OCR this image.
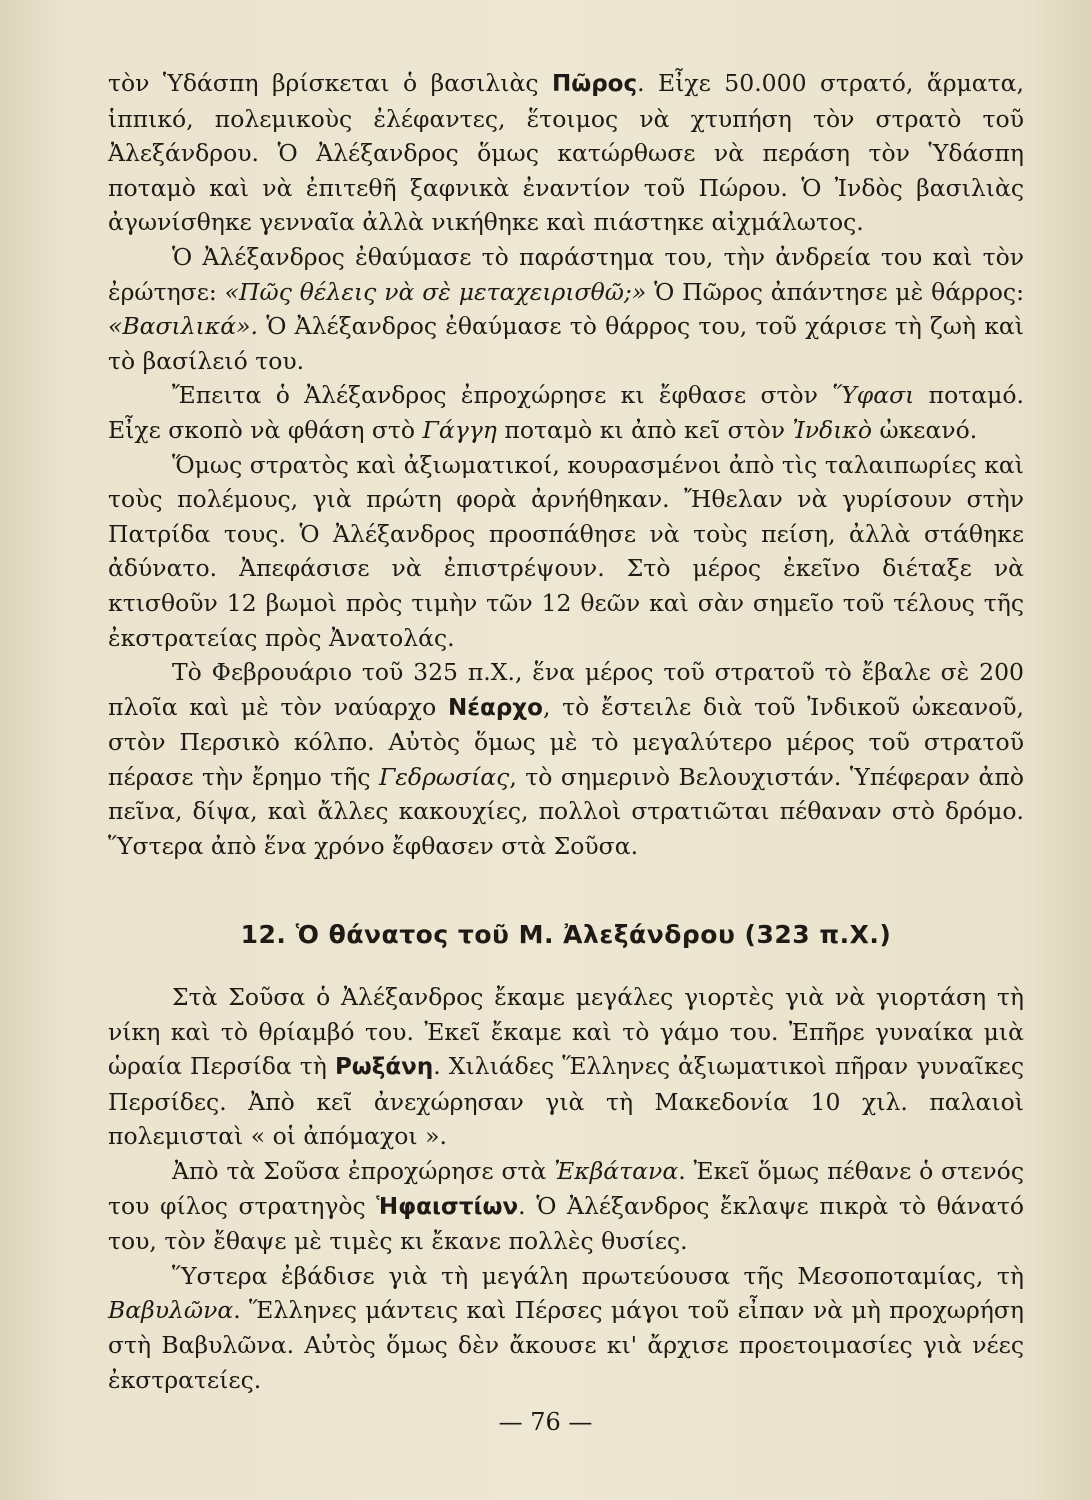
τὸν Ὑδάσπη βρίσκεται ὁ βασιλιὰς Πῶρος. Εἶχε 50.000 στρατό, ἅρματα, ἱππικό, πολεμικοὺς ἐλέφαντες, ἕτοιμος νὰ χτυπήση τὸν στρατὸ τοῦ Ἀλεξάνδρου. Ὁ Ἀλέξανδρος ὅμως κατώρθωσε νὰ περάση τὸν Ὑδάσπη ποταμὸ καὶ νὰ ἐπιτεθῆ ξαφνικὰ ἐναντίον τοῦ Πώρου. Ὁ Ἰνδὸς βασιλιὰς ἀγωνίσθηκε γενναῖα ἀλλὰ νικήθηκε καὶ πιάστηκε αἰχμάλωτος.

Ὁ Ἀλέξανδρος ἐθαύμασε τὸ παράστημα του, τὴν ἀνδρεία του καὶ τὸν ἐρώτησε: «Πῶς θέλεις νὰ σὲ μεταχειρισθῶ;» Ὁ Πῶρος ἀπάντησε μὲ θάρρος: «Βασιλικά». Ὁ Ἀλέξανδρος ἐθαύμασε τὸ θάρρος του, τοῦ χάρισε τὴ ζωὴ καὶ τὸ βασίλειό του.

Ἔπειτα ὁ Ἀλέξανδρος ἐπροχώρησε κι ἔφθασε στὸν Ὕφασι ποταμό. Εἶχε σκοπὸ νὰ φθάση στὸ Γάγγη ποταμὸ κι ἀπὸ κεῖ στὸν Ἰνδικὸ ὠκεανό.

Ὅμως στρατὸς καὶ ἀξιωματικοί, κουρασμένοι ἀπὸ τὶς ταλαιπωρίες καὶ τοὺς πολέμους, γιὰ πρώτη φορὰ ἀρνήθηκαν. Ἤθελαν νὰ γυρίσουν στὴν Πατρίδα τους. Ὁ Ἀλέξανδρος προσπάθησε νὰ τοὺς πείση, ἀλλὰ στάθηκε ἀδύνατο. Ἀπεφάσισε νὰ ἐπιστρέψουν. Στὸ μέρος ἐκεῖνο διέταξε νὰ κτισθοῦν 12 βωμοὶ πρὸς τιμὴν τῶν 12 θεῶν καὶ σὰν σημεῖο τοῦ τέλους τῆς ἐκστρατείας πρὸς Ἀνατολάς.

Τὸ Φεβρουάριο τοῦ 325 π.Χ., ἕνα μέρος τοῦ στρατοῦ τὸ ἔβαλε σὲ 200 πλοῖα καὶ μὲ τὸν ναύαρχο Νέαρχο, τὸ ἔστειλε διὰ τοῦ Ἰνδικοῦ ὠκεανοῦ, στὸν Περσικὸ κόλπο. Αὐτὸς ὅμως μὲ τὸ μεγαλύτερο μέρος τοῦ στρατοῦ πέρασε τὴν ἔρημο τῆς Γεδρωσίας, τὸ σημερινὸ Βελουχιστάν. Ὑπέφεραν ἀπὸ πεῖνα, δίψα, καὶ ἄλλες κακουχίες, πολλοὶ στρατιῶται πέθαναν στὸ δρόμο. Ὕστερα ἀπὸ ἕνα χρόνο ἔφθασεν στὰ Σοῦσα.

12. Ὁ θάνατος τοῦ Μ. Ἀλεξάνδρου (323 π.Χ.)

Στὰ Σοῦσα ὁ Ἀλέξανδρος ἔκαμε μεγάλες γιορτὲς γιὰ νὰ γιορτάση τὴ νίκη καὶ τὸ θρίαμβό του. Ἐκεῖ ἔκαμε καὶ τὸ γάμο του. Ἐπῆρε γυναίκα μιὰ ὡραία Περσίδα τὴ Ρωξάνη. Χιλιάδες Ἕλληνες ἀξιωματικοὶ πῆραν γυναῖκες Περσίδες. Ἀπὸ κεῖ ἀνεχώρησαν γιὰ τὴ Μακεδονία 10 χιλ. παλαιοὶ πολεμισταὶ « οἱ ἀπόμαχοι ».

Ἀπὸ τὰ Σοῦσα ἐπροχώρησε στὰ Ἐκβάτανα. Ἐκεῖ ὅμως πέθανε ὁ στενός του φίλος στρατηγὸς Ἡφαιστίων. Ὁ Ἀλέξανδρος ἔκλαψε πικρὰ τὸ θάνατό του, τὸν ἔθαψε μὲ τιμὲς κι ἔκανε πολλὲς θυσίες.

Ὕστερα ἐβάδισε γιὰ τὴ μεγάλη πρωτεύουσα τῆς Μεσοποταμίας, τὴ Βαβυλῶνα. Ἕλληνες μάντεις καὶ Πέρσες μάγοι τοῦ εἶπαν νὰ μὴ προχωρήση στὴ Βαβυλῶνα. Αὐτὸς ὅμως δὲν ἄκουσε κι' ἄρχισε προετοιμασίες γιὰ νέες ἐκστρατείες.

— 76 —
